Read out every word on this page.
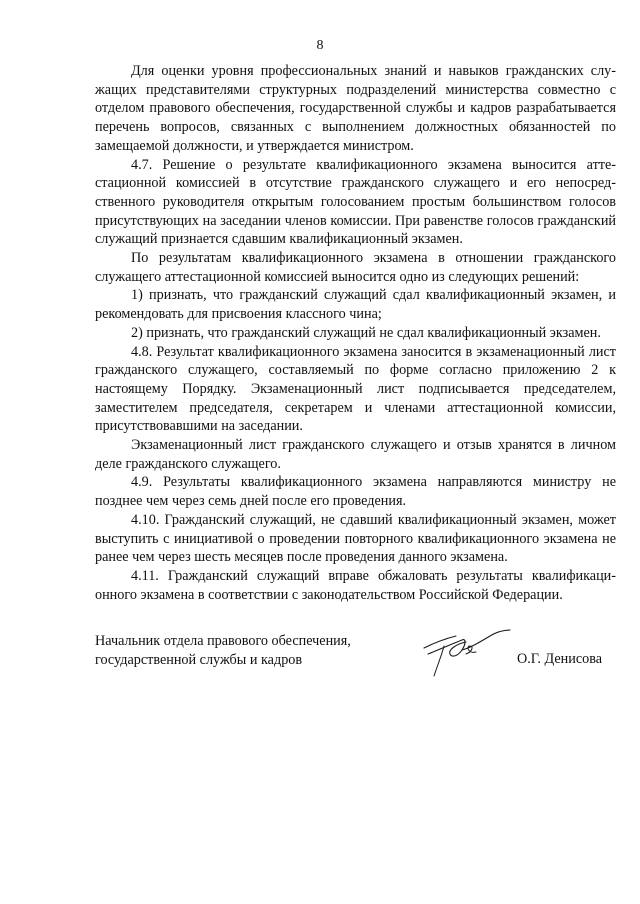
8

Для оценки уровня профессиональных знаний и навыков гражданских служащих представителями структурных подразделений министерства совместно с отделом правового обеспечения, государственной службы и кадров разрабатывается перечень вопросов, связанных с выполнением должностных обязанностей по замещаемой должности, и утверждается министром.

4.7. Решение о результате квалификационного экзамена выносится аттестационной комиссией в отсутствие гражданского служащего и его непосредственного руководителя открытым голосованием простым большинством голосов присутствующих на заседании членов комиссии. При равенстве голосов гражданский служащий признается сдавшим квалификационный экзамен.

По результатам квалификационного экзамена в отношении гражданского служащего аттестационной комиссией выносится одно из следующих решений:

1) признать, что гражданский служащий сдал квалификационный экзамен, и рекомендовать для присвоения классного чина;

2) признать, что гражданский служащий не сдал квалификационный экзамен.

4.8. Результат квалификационного экзамена заносится в экзаменационный лист гражданского служащего, составляемый по форме согласно приложению 2 к настоящему Порядку. Экзаменационный лист подписывается председателем, заместителем председателя, секретарем и членами аттестационной комиссии, присутствовавшими на заседании.

Экзаменационный лист гражданского служащего и отзыв хранятся в личном деле гражданского служащего.

4.9. Результаты квалификационного экзамена направляются министру не позднее чем через семь дней после его проведения.

4.10. Гражданский служащий, не сдавший квалификационный экзамен, может выступить с инициативой о проведении повторного квалификационного экзамена не ранее чем через шесть месяцев после проведения данного экзамена.

4.11. Гражданский служащий вправе обжаловать результаты квалификационного экзамена в соответствии с законодательством Российской Федерации.

Начальник отдела правового обеспечения,
государственной службы и кадров	О.Г. Денисова
